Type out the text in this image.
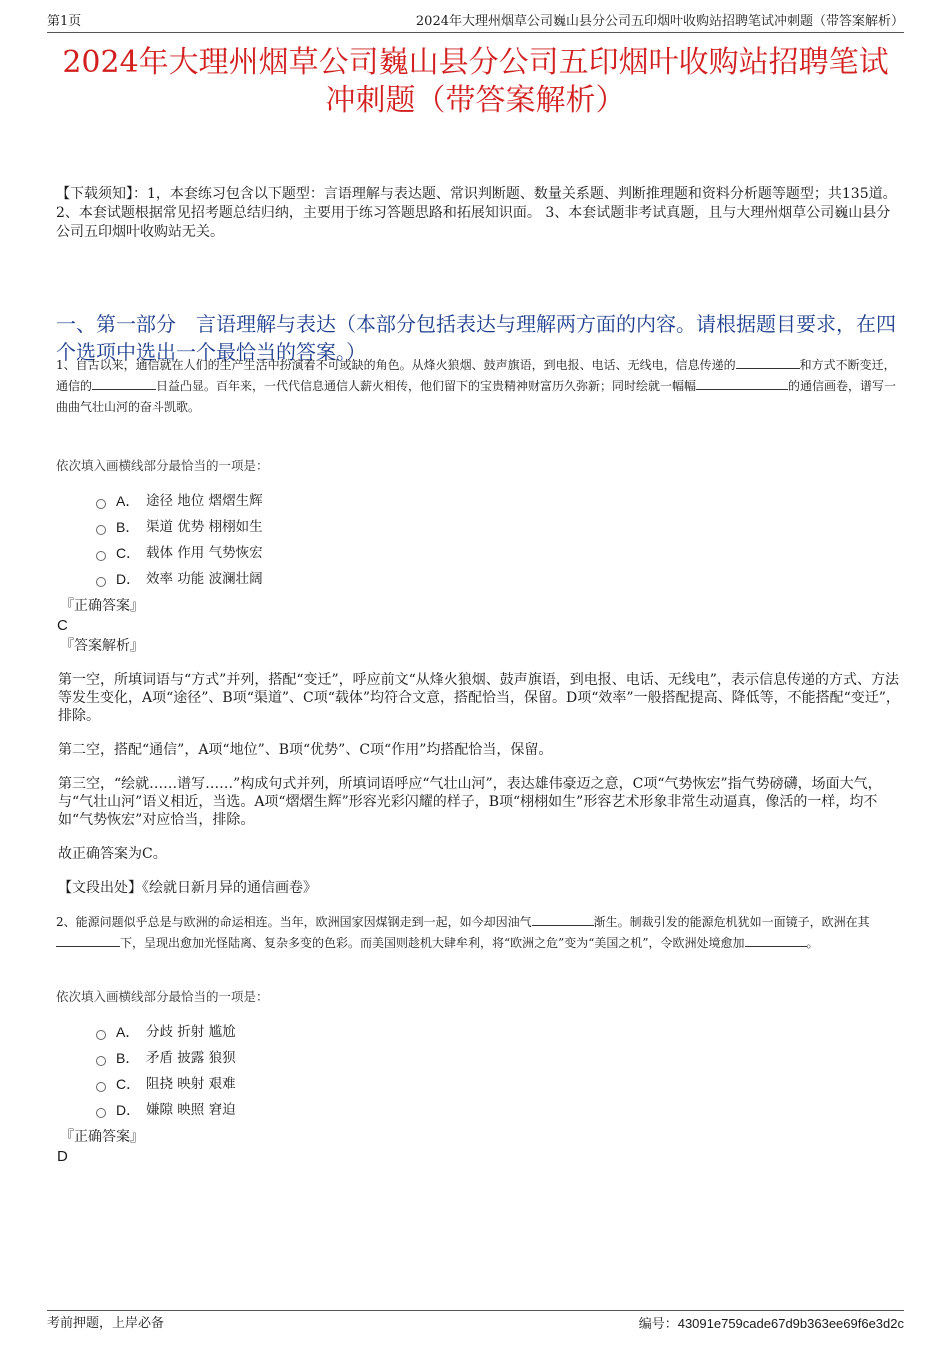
第1页	2024年大理州烟草公司巍山县分公司五印烟叶收购站招聘笔试冲刺题（带答案解析）
2024年大理州烟草公司巍山县分公司五印烟叶收购站招聘笔试
冲刺题（带答案解析）

【下载须知】：1，本套练习包含以下题型：言语理解与表达题、常识判断题、数量关系题、判断推理题和资料分析题等题型；共135道。 2、本套试题根据常见招考题总结归纳，主要用于练习答题思路和拓展知识面。 3、本套试题非考试真题，且与大理州烟草公司巍山县分公司五印烟叶收购站无关。

一、第一部分　言语理解与表达（本部分包括表达与理解两方面的内容。请根据题目要求，在四个选项中选出一个最恰当的答案。）

1、自古以来，通信就在人们的生产生活中扮演着不可或缺的角色。从烽火狼烟、鼓声旗语，到电报、电话、无线电，信息传递的	和方式不断变迁，通信的	日益凸显。百年来，一代代信息通信人薪火相传，他们留下的宝贵精神财富历久弥新；同时绘就一幅幅	的通信画卷，谱写一曲曲气壮山河的奋斗凯歌。

依次填入画横线部分最恰当的一项是：

A． 途径 地位 熠熠生辉
B． 渠道 优势 栩栩如生
C． 载体 作用 气势恢宏
D． 效率 功能 波澜壮阔

『正确答案』

C

『答案解析』

第一空，所填词语与“方式”并列，搭配“变迁”，呼应前文“从烽火狼烟、鼓声旗语，到电报、电话、无线电”，表示信息传递的方式、方法等发生变化，A项“途径”、B项“渠道”、C项“载体”均符合文意，搭配恰当，保留。D项“效率”一般搭配提高、降低等，不能搭配“变迁”，排除。

第二空，搭配“通信”，A项“地位”、B项“优势”、C项“作用”均搭配恰当，保留。

第三空，“绘就……谱写……”构成句式并列，所填词语呼应“气壮山河”，表达雄伟豪迈之意，C项“气势恢宏”指气势磅礴，场面大气，与“气壮山河”语义相近，当选。A项“熠熠生辉”形容光彩闪耀的样子，B项“栩栩如生”形容艺术形象非常生动逼真，像活的一样，均不如“气势恢宏”对应恰当，排除。

故正确答案为C。

【文段出处】《绘就日新月异的通信画卷》

2、能源问题似乎总是与欧洲的命运相连。当年，欧洲国家因煤钢走到一起，如今却因油气	渐生。制裁引发的能源危机犹如一面镜子，欧洲在其下，呈现出愈加光怪陆离、复杂多变的色彩。而美国则趁机大肆牟利，将“欧洲之危”变为“美国之机”，令欧洲处境愈加	。

依次填入画横线部分最恰当的一项是：

A． 分歧 折射 尴尬
B． 矛盾 披露 狼狈
C． 阻挠 映射 艰难
D． 嫌隙 映照 窘迫

『正确答案』

D

考前押题，上岸必备	编号：43091e759cade67d9b363ee69f6e3d2c
